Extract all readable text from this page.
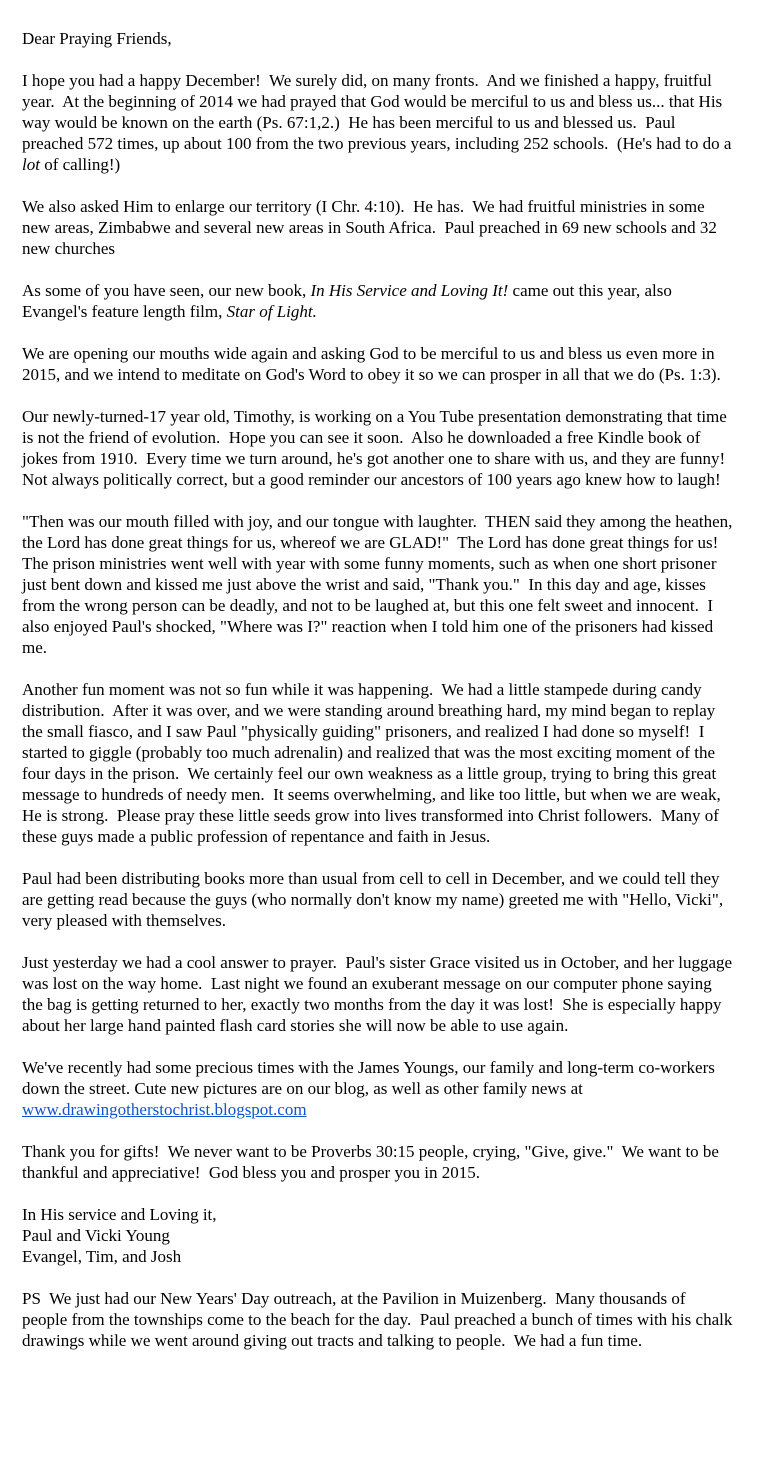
Dear Praying Friends,

I hope you had a happy December!  We surely did, on many fronts.  And we finished a happy, fruitful year.  At the beginning of 2014 we had prayed that God would be merciful to us and bless us... that His way would be known on the earth (Ps. 67:1,2.)  He has been merciful to us and blessed us.  Paul preached 572 times, up about 100 from the two previous years, including 252 schools.  (He's had to do a lot of calling!)

We also asked Him to enlarge our territory (I Chr. 4:10).  He has.  We had fruitful ministries in some new areas, Zimbabwe and several new areas in South Africa.  Paul preached in 69 new schools and 32 new churches

As some of you have seen, our new book, In His Service and Loving It! came out this year, also Evangel's feature length film, Star of Light.

We are opening our mouths wide again and asking God to be merciful to us and bless us even more in 2015, and we intend to meditate on God's Word to obey it so we can prosper in all that we do (Ps. 1:3).

Our newly-turned-17 year old, Timothy, is working on a You Tube presentation demonstrating that time is not the friend of evolution.  Hope you can see it soon.  Also he downloaded a free Kindle book of jokes from 1910.  Every time we turn around, he's got another one to share with us, and they are funny!  Not always politically correct, but a good reminder our ancestors of 100 years ago knew how to laugh!

"Then was our mouth filled with joy, and our tongue with laughter.  THEN said they among the heathen, the Lord has done great things for us, whereof we are GLAD!"  The Lord has done great things for us!  The prison ministries went well with year with some funny moments, such as when one short prisoner just bent down and kissed me just above the wrist and said, "Thank you."  In this day and age, kisses from the wrong person can be deadly, and not to be laughed at, but this one felt sweet and innocent.  I also enjoyed Paul's shocked, "Where was I?" reaction when I told him one of the prisoners had kissed me.

Another fun moment was not so fun while it was happening.  We had a little stampede during candy distribution.  After it was over, and we were standing around breathing hard, my mind began to replay the small fiasco, and I saw Paul "physically guiding" prisoners, and realized I had done so myself!  I started to giggle (probably too much adrenalin) and realized that was the most exciting moment of the four days in the prison.  We certainly feel our own weakness as a little group, trying to bring this great message to hundreds of needy men.  It seems overwhelming, and like too little, but when we are weak, He is strong.  Please pray these little seeds grow into lives transformed into Christ followers.  Many of these guys made a public profession of repentance and faith in Jesus.

Paul had been distributing books more than usual from cell to cell in December, and we could tell they are getting read because the guys (who normally don't know my name) greeted me with "Hello, Vicki", very pleased with themselves.

Just yesterday we had a cool answer to prayer.  Paul's sister Grace visited us in October, and her luggage was lost on the way home.  Last night we found an exuberant message on our computer phone saying the bag is getting returned to her, exactly two months from the day it was lost!  She is especially happy about her large hand painted flash card stories she will now be able to use again.

We've recently had some precious times with the James Youngs, our family and long-term co-workers down the street. Cute new pictures are on our blog, as well as other family news at www.drawingotherstochrist.blogspot.com

Thank you for gifts!  We never want to be Proverbs 30:15 people, crying, "Give, give."  We want to be thankful and appreciative!  God bless you and prosper you in 2015.

In His service and Loving it,

Paul and Vicki Young

Evangel, Tim, and Josh

PS  We just had our New Years' Day outreach, at the Pavilion in Muizenberg.  Many thousands of people from the townships come to the beach for the day.  Paul preached a bunch of times with his chalk drawings while we went around giving out tracts and talking to people.  We had a fun time.
